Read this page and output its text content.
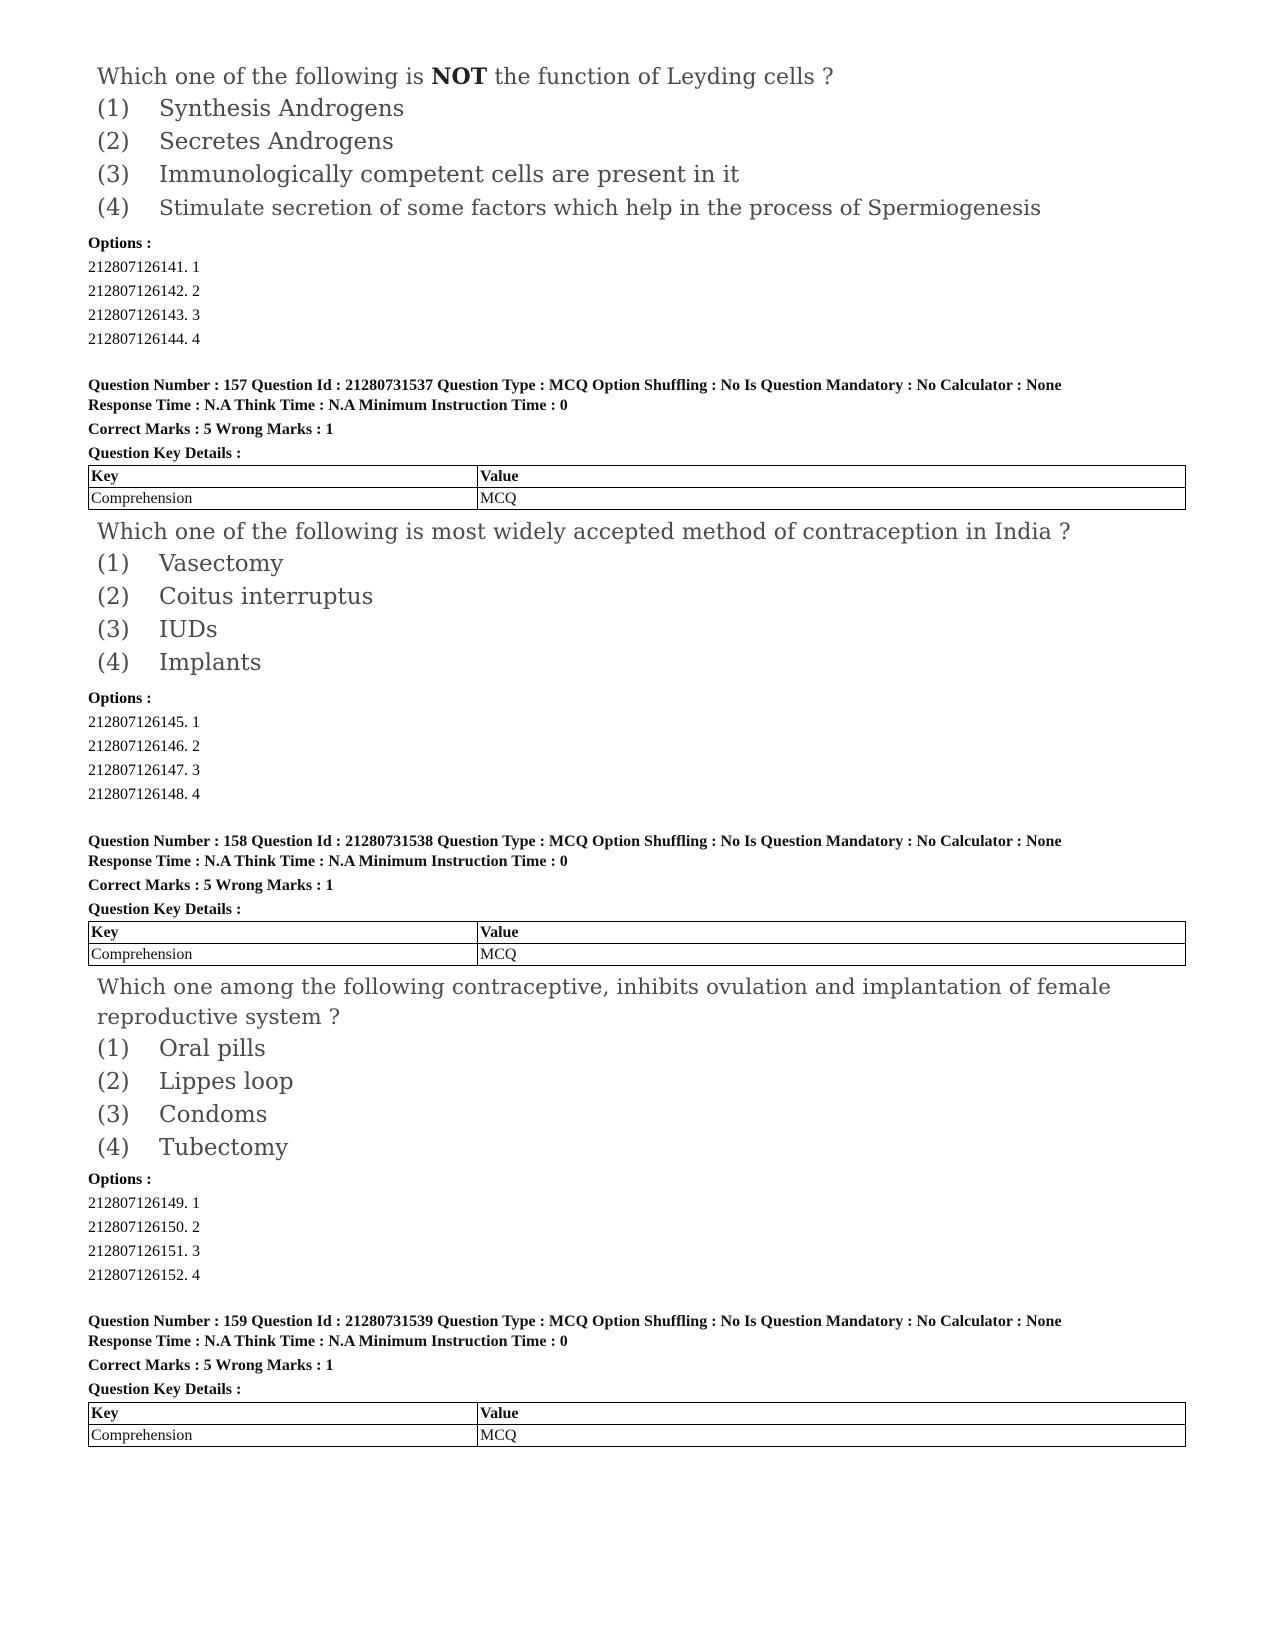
Which one of the following is NOT the function of Leyding cells ?
(1)	Synthesis Androgens
(2)	Secretes Androgens
(3)	Immunologically competent cells are present in it
(4)	Stimulate secretion of some factors which help in the process of Spermiogenesis
Options :
212807126141. 1
212807126142. 2
212807126143. 3
212807126144. 4
Question Number : 157 Question Id : 21280731537 Question Type : MCQ Option Shuffling : No Is Question Mandatory : No Calculator : None
Response Time : N.A Think Time : N.A Minimum Instruction Time : 0
Correct Marks : 5 Wrong Marks : 1
Question Key Details :
Key	Value
Comprehension	MCQ
Which one of the following is most widely accepted method of contraception in India ?
(1)	Vasectomy
(2)	Coitus interruptus
(3)	IUDs
(4)	Implants
Options :
212807126145. 1
212807126146. 2
212807126147. 3
212807126148. 4
Question Number : 158 Question Id : 21280731538 Question Type : MCQ Option Shuffling : No Is Question Mandatory : No Calculator : None
Response Time : N.A Think Time : N.A Minimum Instruction Time : 0
Correct Marks : 5 Wrong Marks : 1
Question Key Details :
Key	Value
Comprehension	MCQ
Which one among the following contraceptive, inhibits ovulation and implantation of female
reproductive system ?
(1)	Oral pills
(2)	Lippes loop
(3)	Condoms
(4)	Tubectomy
Options :
212807126149. 1
212807126150. 2
212807126151. 3
212807126152. 4
Question Number : 159 Question Id : 21280731539 Question Type : MCQ Option Shuffling : No Is Question Mandatory : No Calculator : None
Response Time : N.A Think Time : N.A Minimum Instruction Time : 0
Correct Marks : 5 Wrong Marks : 1
Question Key Details :
Key	Value
Comprehension	MCQ
